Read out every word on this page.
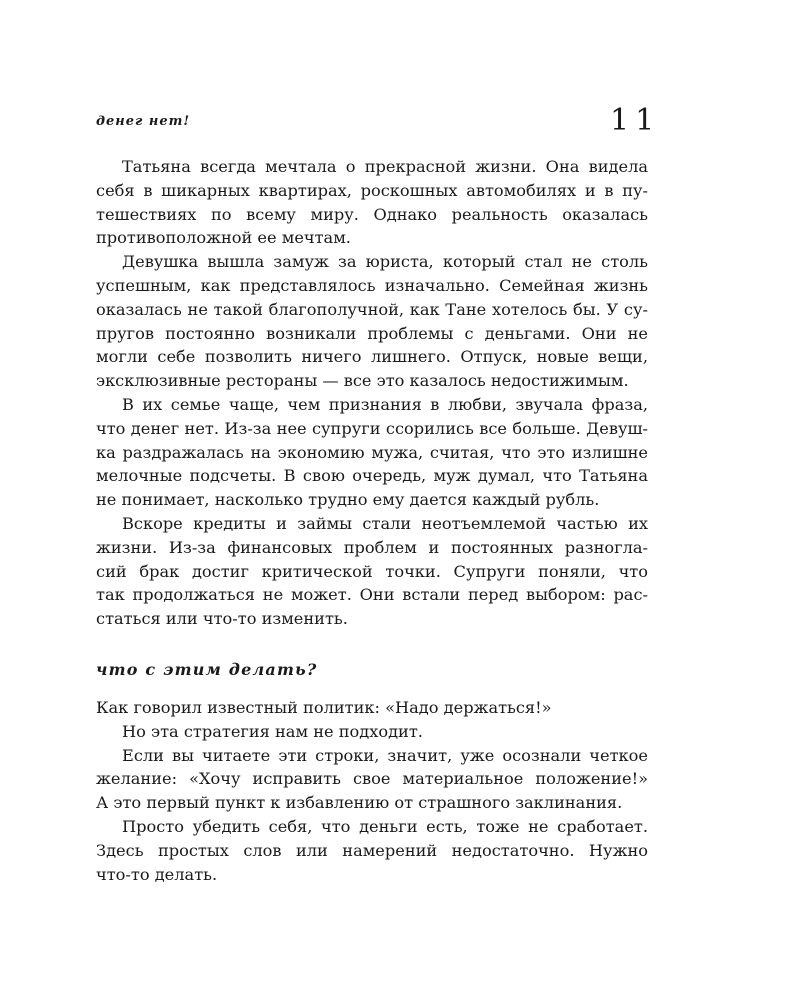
денег нет!	11
Татьяна всегда мечтала о прекрасной жизни. Она видела
себя в шикарных квартирах, роскошных автомобилях и в пу-
тешествиях по всему миру. Однако реальность оказалась
противоположной ее мечтам.
Девушка вышла замуж за юриста, который стал не столь
успешным, как представлялось изначально. Семейная жизнь
оказалась не такой благополучной, как Тане хотелось бы. У су-
пругов постоянно возникали проблемы с деньгами. Они не
могли себе позволить ничего лишнего. Отпуск, новые вещи,
эксклюзивные рестораны — все это казалось недостижимым.
В их семье чаще, чем признания в любви, звучала фраза,
что денег нет. Из-за нее супруги ссорились все больше. Девуш-
ка раздражалась на экономию мужа, считая, что это излишне
мелочные подсчеты. В свою очередь, муж думал, что Татьяна
не понимает, насколько трудно ему дается каждый рубль.
Вскоре кредиты и займы стали неотъемлемой частью их
жизни. Из-за финансовых проблем и постоянных разногла-
сий брак достиг критической точки. Супруги поняли, что
так продолжаться не может. Они встали перед выбором: рас-
статься или что-то изменить.
что с этим делать?
Как говорил известный политик: «Надо держаться!»
Но эта стратегия нам не подходит.
Если вы читаете эти строки, значит, уже осознали четкое
желание: «Хочу исправить свое материальное положение!»
А это первый пункт к избавлению от страшного заклинания.
Просто убедить себя, что деньги есть, тоже не сработает.
Здесь простых слов или намерений недостаточно. Нужно
что-то делать.
